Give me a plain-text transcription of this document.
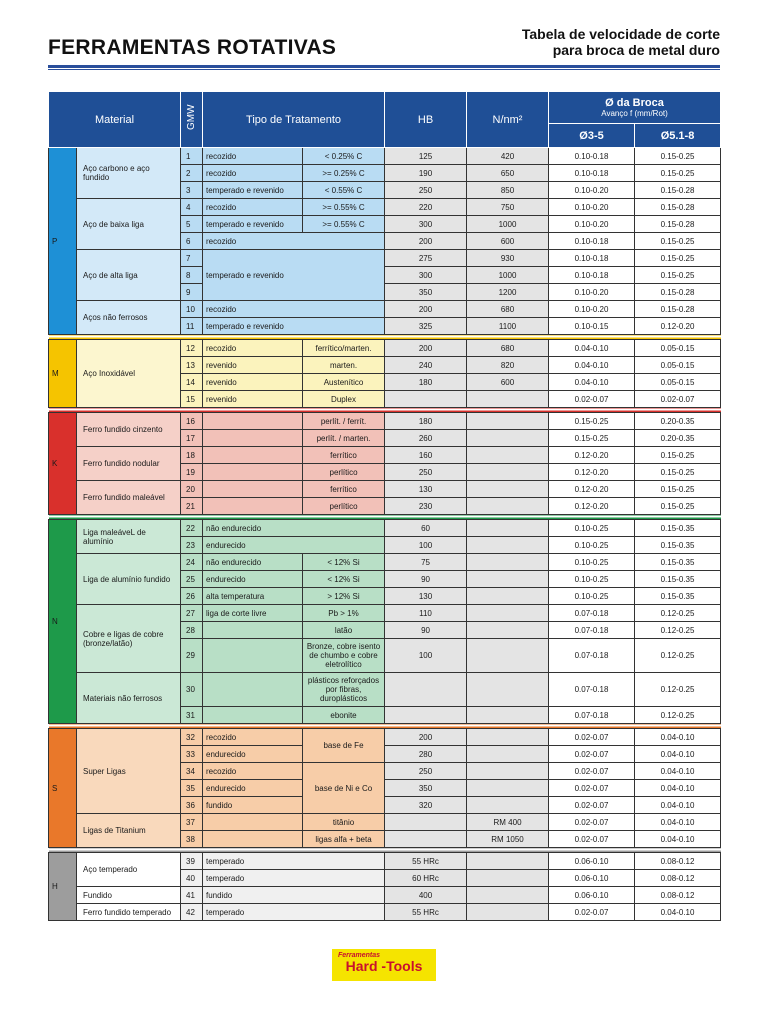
FERRAMENTAS ROTATIVAS
Tabela de velocidade de corte
para broca de metal duro
Material		GMW	Tipo de Tratamento		HB	N/nm²	Ø da Broca
Avanço f (mm/Rot)	

							Ø3-5	Ø5.1-8
P	Aço carbono e aço fundido	1	recozido	< 0.25% C	125	420	0.10-0.18	0.15-0.25
		2	recozido	>= 0.25% C	190	650	0.10-0.18	0.15-0.25
		3	temperado e revenido	< 0.55% C	250	850	0.10-0.20	0.15-0.28
	Aço de baixa liga	4	recozido	>= 0.55% C	220	750	0.10-0.20	0.15-0.28
		5	temperado e revenido	>= 0.55% C	300	1000	0.10-0.20	0.15-0.28
		6	recozido		200	600	0.10-0.18	0.15-0.25
	Aço de alta liga	7	temperado e revenido		275	930	0.10-0.18	0.15-0.25
		8			300	1000	0.10-0.18	0.15-0.25
		9			350	1200	0.10-0.20	0.15-0.28
	Aços não ferrosos	10	recozido		200	680	0.10-0.20	0.15-0.28
		11	temperado e revenido		325	1100	0.10-0.15	0.12-0.20

M	Aço Inoxidável	12	recozido	ferrítico/marten.	200	680	0.04-0.10	0.05-0.15
		13	revenido	marten.	240	820	0.04-0.10	0.05-0.15
		14	revenido	Austenítico	180	600	0.04-0.10	0.05-0.15
		15	revenido	Duplex			0.02-0.07	0.02-0.07

K	Ferro fundido cinzento	16		perlít. / ferrít.	180		0.15-0.25	0.20-0.35
		17		perlít. / marten.	260		0.15-0.25	0.20-0.35
	Ferro fundido nodular	18		ferrítico	160		0.12-0.20	0.15-0.25
		19		perlítico	250		0.12-0.20	0.15-0.25
	Ferro fundido maleável	20		ferrítico	130		0.12-0.20	0.15-0.25
		21		perlítico	230		0.12-0.20	0.15-0.25

N	Liga maleáveL de alumínio	22	não endurecido		60		0.10-0.25	0.15-0.35
		23	endurecido		100		0.10-0.25	0.15-0.35
	Liga de alumínio fundido	24	não endurecido	< 12% Si	75		0.10-0.25	0.15-0.35
		25	endurecido	< 12% Si	90		0.10-0.25	0.15-0.35
		26	alta temperatura	> 12% Si	130		0.10-0.25	0.15-0.35
	Cobre e ligas de cobre (bronze/latão)	27	liga de corte livre	Pb > 1%	110		0.07-0.18	0.12-0.25
		28		latão	90		0.07-0.18	0.12-0.25
		29		Bronze, cobre isento de chumbo e cobre eletrolítico	100		0.07-0.18	0.12-0.25
	Materiais não ferrosos	30		plásticos reforçados por fibras, duroplásticos			0.07-0.18	0.12-0.25
		31		ebonite			0.07-0.18	0.12-0.25

S	Super Ligas	32	recozido	base de Fe	200		0.02-0.07	0.04-0.10
		33	endurecido		280		0.02-0.07	0.04-0.10
		34	recozido	base de Ni e Co	250		0.02-0.07	0.04-0.10
		35	endurecido		350		0.02-0.07	0.04-0.10
		36	fundido		320		0.02-0.07	0.04-0.10
	Ligas de Titanium	37		titânio		RM 400	0.02-0.07	0.04-0.10
		38		ligas alfa + beta		RM 1050	0.02-0.07	0.04-0.10

H	Aço temperado	39	temperado		55 HRc		0.06-0.10	0.08-0.12
		40	temperado		60 HRc		0.06-0.10	0.08-0.12
	Fundido	41	fundido		400		0.06-0.10	0.08-0.12
	Ferro fundido temperado	42	temperado		55 HRc		0.02-0.07	0.04-0.10
Ferramentas
Hard -Tools
